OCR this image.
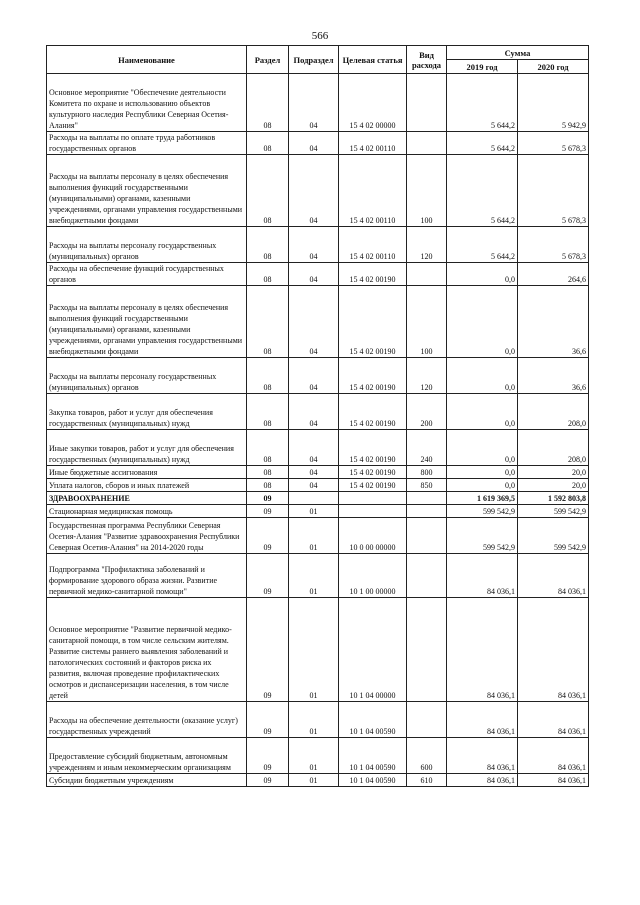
566
Наименование	Раздел	Подраздел	Целевая статья	Вид расхода	Сумма	
					2019 год	2020 год
Основное мероприятие "Обеспечение деятельности Комитета по охране и использованию объектов культурного наследия Республики Северная Осетия-Алания"	08	04	15 4 02 00000		5 644,2	5 942,9
Расходы на выплаты по оплате труда работников государственных органов	08	04	15 4 02 00110		5 644,2	5 678,3
Расходы на выплаты персоналу в целях обеспечения выполнения функций государственными (муниципальными) органами, казенными учреждениями, органами управления государственными внебюджетными фондами	08	04	15 4 02 00110	100	5 644,2	5 678,3
Расходы на выплаты персоналу государственных (муниципальных) органов	08	04	15 4 02 00110	120	5 644,2	5 678,3
Расходы на обеспечение функций государственных органов	08	04	15 4 02 00190		0,0	264,6
Расходы на выплаты персоналу в целях обеспечения выполнения функций государственными (муниципальными) органами, казенными учреждениями, органами управления государственными внебюджетными фондами	08	04	15 4 02 00190	100	0,0	36,6
Расходы на выплаты персоналу государственных (муниципальных) органов	08	04	15 4 02 00190	120	0,0	36,6
Закупка товаров, работ и услуг для обеспечения государственных (муниципальных) нужд	08	04	15 4 02 00190	200	0,0	208,0
Иные закупки товаров, работ и услуг для обеспечения государственных (муниципальных) нужд	08	04	15 4 02 00190	240	0,0	208,0
Иные бюджетные ассигнования	08	04	15 4 02 00190	800	0,0	20,0
Уплата налогов, сборов и иных платежей	08	04	15 4 02 00190	850	0,0	20,0
ЗДРАВООХРАНЕНИЕ	09				1 619 369,5	1 592 803,8
Стационарная медицинская помощь	09	01			599 542,9	599 542,9
Государственная программа Республики Северная Осетия-Алания "Развитие здравоохранения Республики Северная Осетия-Алания" на 2014-2020 годы	09	01	10 0 00 00000		599 542,9	599 542,9
Подпрограмма "Профилактика заболеваний и формирование здорового образа жизни. Развитие первичной медико-санитарной помощи"	09	01	10 1 00 00000		84 036,1	84 036,1
Основное мероприятие "Развитие первичной медико-санитарной помощи, в том числе сельским жителям. Развитие системы раннего выявления заболеваний и патологических состояний и факторов риска их развития, включая проведение профилактических осмотров и диспансеризации населения, в том числе детей	09	01	10 1 04 00000		84 036,1	84 036,1
Расходы на обеспечение деятельности (оказание услуг) государственных учреждений	09	01	10 1 04 00590		84 036,1	84 036,1
Предоставление субсидий бюджетным, автономным учреждениям и иным некоммерческим организациям	09	01	10 1 04 00590	600	84 036,1	84 036,1
Субсидии бюджетным учреждениям	09	01	10 1 04 00590	610	84 036,1	84 036,1
